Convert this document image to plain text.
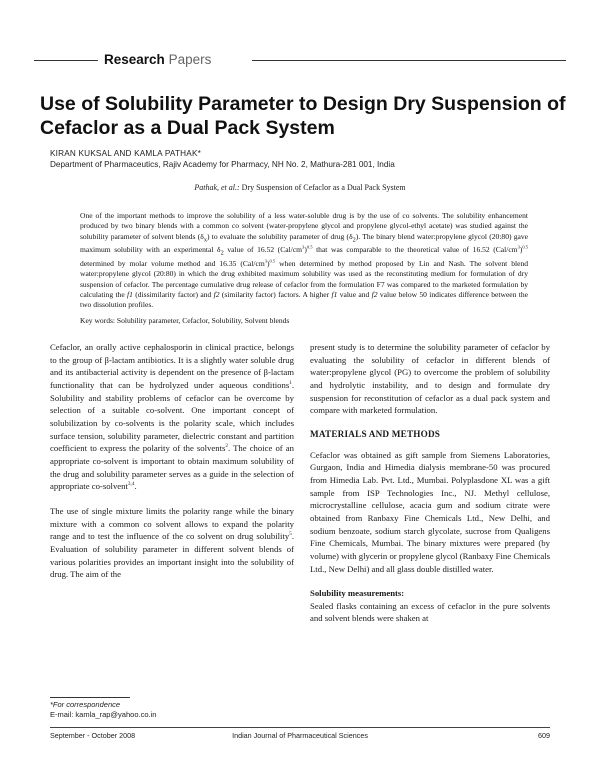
Research Papers
Use of Solubility Parameter to Design Dry Suspension of Cefaclor as a Dual Pack System
KIRAN KUKSAL AND KAMLA PATHAK*
Department of Pharmaceutics, Rajiv Academy for Pharmacy, NH No. 2, Mathura-281 001, India
Pathak, et al.: Dry Suspension of Cefaclor as a Dual Pack System
One of the important methods to improve the solubility of a less water-soluble drug is by the use of co solvents. The solubility enhancement produced by two binary blends with a common co solvent (water-propylene glycol and propylene glycol-ethyl acetate) was studied against the solubility parameter of solvent blends $(\delta_x)$ to evaluate the solubility parameter of drug $(\delta_2)$. The binary blend water:propylene glycol (20:80) gave maximum solubility with an experimental $\delta_2$ value of 16.52 $(Cal/cm^3)^{0.5}$ that was comparable to the theoretical value of 16.52 $(Cal/cm^3)^{0.5}$ determined by molar volume method and 16.35 $(Cal/cm^3)^{0.5}$ when determined by method proposed by Lin and Nash. The solvent blend water:propylene glycol (20:80) in which the drug exhibited maximum solubility was used as the reconstituting medium for formulation of dry suspension of cefaclor. The percentage cumulative drug release of cefaclor from the formulation F7 was compared to the marketed formulation by calculating the f1 (dissimilarity factor) and f2 (similarity factor) factors. A higher f1 value and f2 value below 50 indicates difference between the two dissolution profiles.
Key words: Solubility parameter, Cefaclor, Solubility, Solvent blends

Cefaclor, an orally active cephalosporin in clinical practice, belongs to the group of β-lactam antibiotics. It is a slightly water soluble drug and its antibacterial activity is dependent on the presence of β-lactam functionality that can be hydrolyzed under aqueous conditions$^1$. Solubility and stability problems of cefaclor can be overcome by selection of a suitable co-solvent. One important concept of solubilization by co-solvents is the polarity scale, which includes surface tension, solubility parameter, dielectric constant and partition coefficient to express the polarity of the solvents$^2$. The choice of an appropriate co-solvent is important to obtain maximum solubility of the drug and solubility parameter serves as a guide in the selection of appropriate co-solvent$^{3,4}$.

The use of single mixture limits the polarity range while the binary mixture with a common co solvent allows to expand the polarity range and to test the influence of the co solvent on drug solubility$^5$. Evaluation of solubility parameter in different solvent blends of various polarities provides an important insight into the solubility of drug. The aim of the

present study is to determine the solubility parameter of cefaclor by evaluating the solubility of cefaclor in different blends of water:propylene glycol (PG) to overcome the problem of solubility and hydrolytic instability, and to design and formulate dry suspension for reconstitution of cefaclor as a dual pack system and compare with marketed formulation.

MATERIALS AND METHODS

Cefaclor was obtained as gift sample from Siemens Laboratories, Gurgaon, India and Himedia dialysis membrane-50 was procured from Himedia Lab. Pvt. Ltd., Mumbai. Polyplasdone XL was a gift sample from ISP Technologies Inc., NJ. Methyl cellulose, microcrystalline cellulose, acacia gum and sodium citrate were obtained from Ranbaxy Fine Chemicals Ltd., New Delhi, and sodium benzoate, sodium starch glycolate, sucrose from Qualigens Fine Chemicals, Mumbai. The binary mixtures were prepared (by volume) with glycerin or propylene glycol (Ranbaxy Fine Chemicals Ltd., New Delhi) and all glass double distilled water.

Solubility measurements:

Sealed flasks containing an excess of cefaclor in the pure solvents and solvent blends were shaken at

*For correspondence
E-mail: kamla_rap@yahoo.co.in
September - October 2008	Indian Journal of Pharmaceutical Sciences	609
